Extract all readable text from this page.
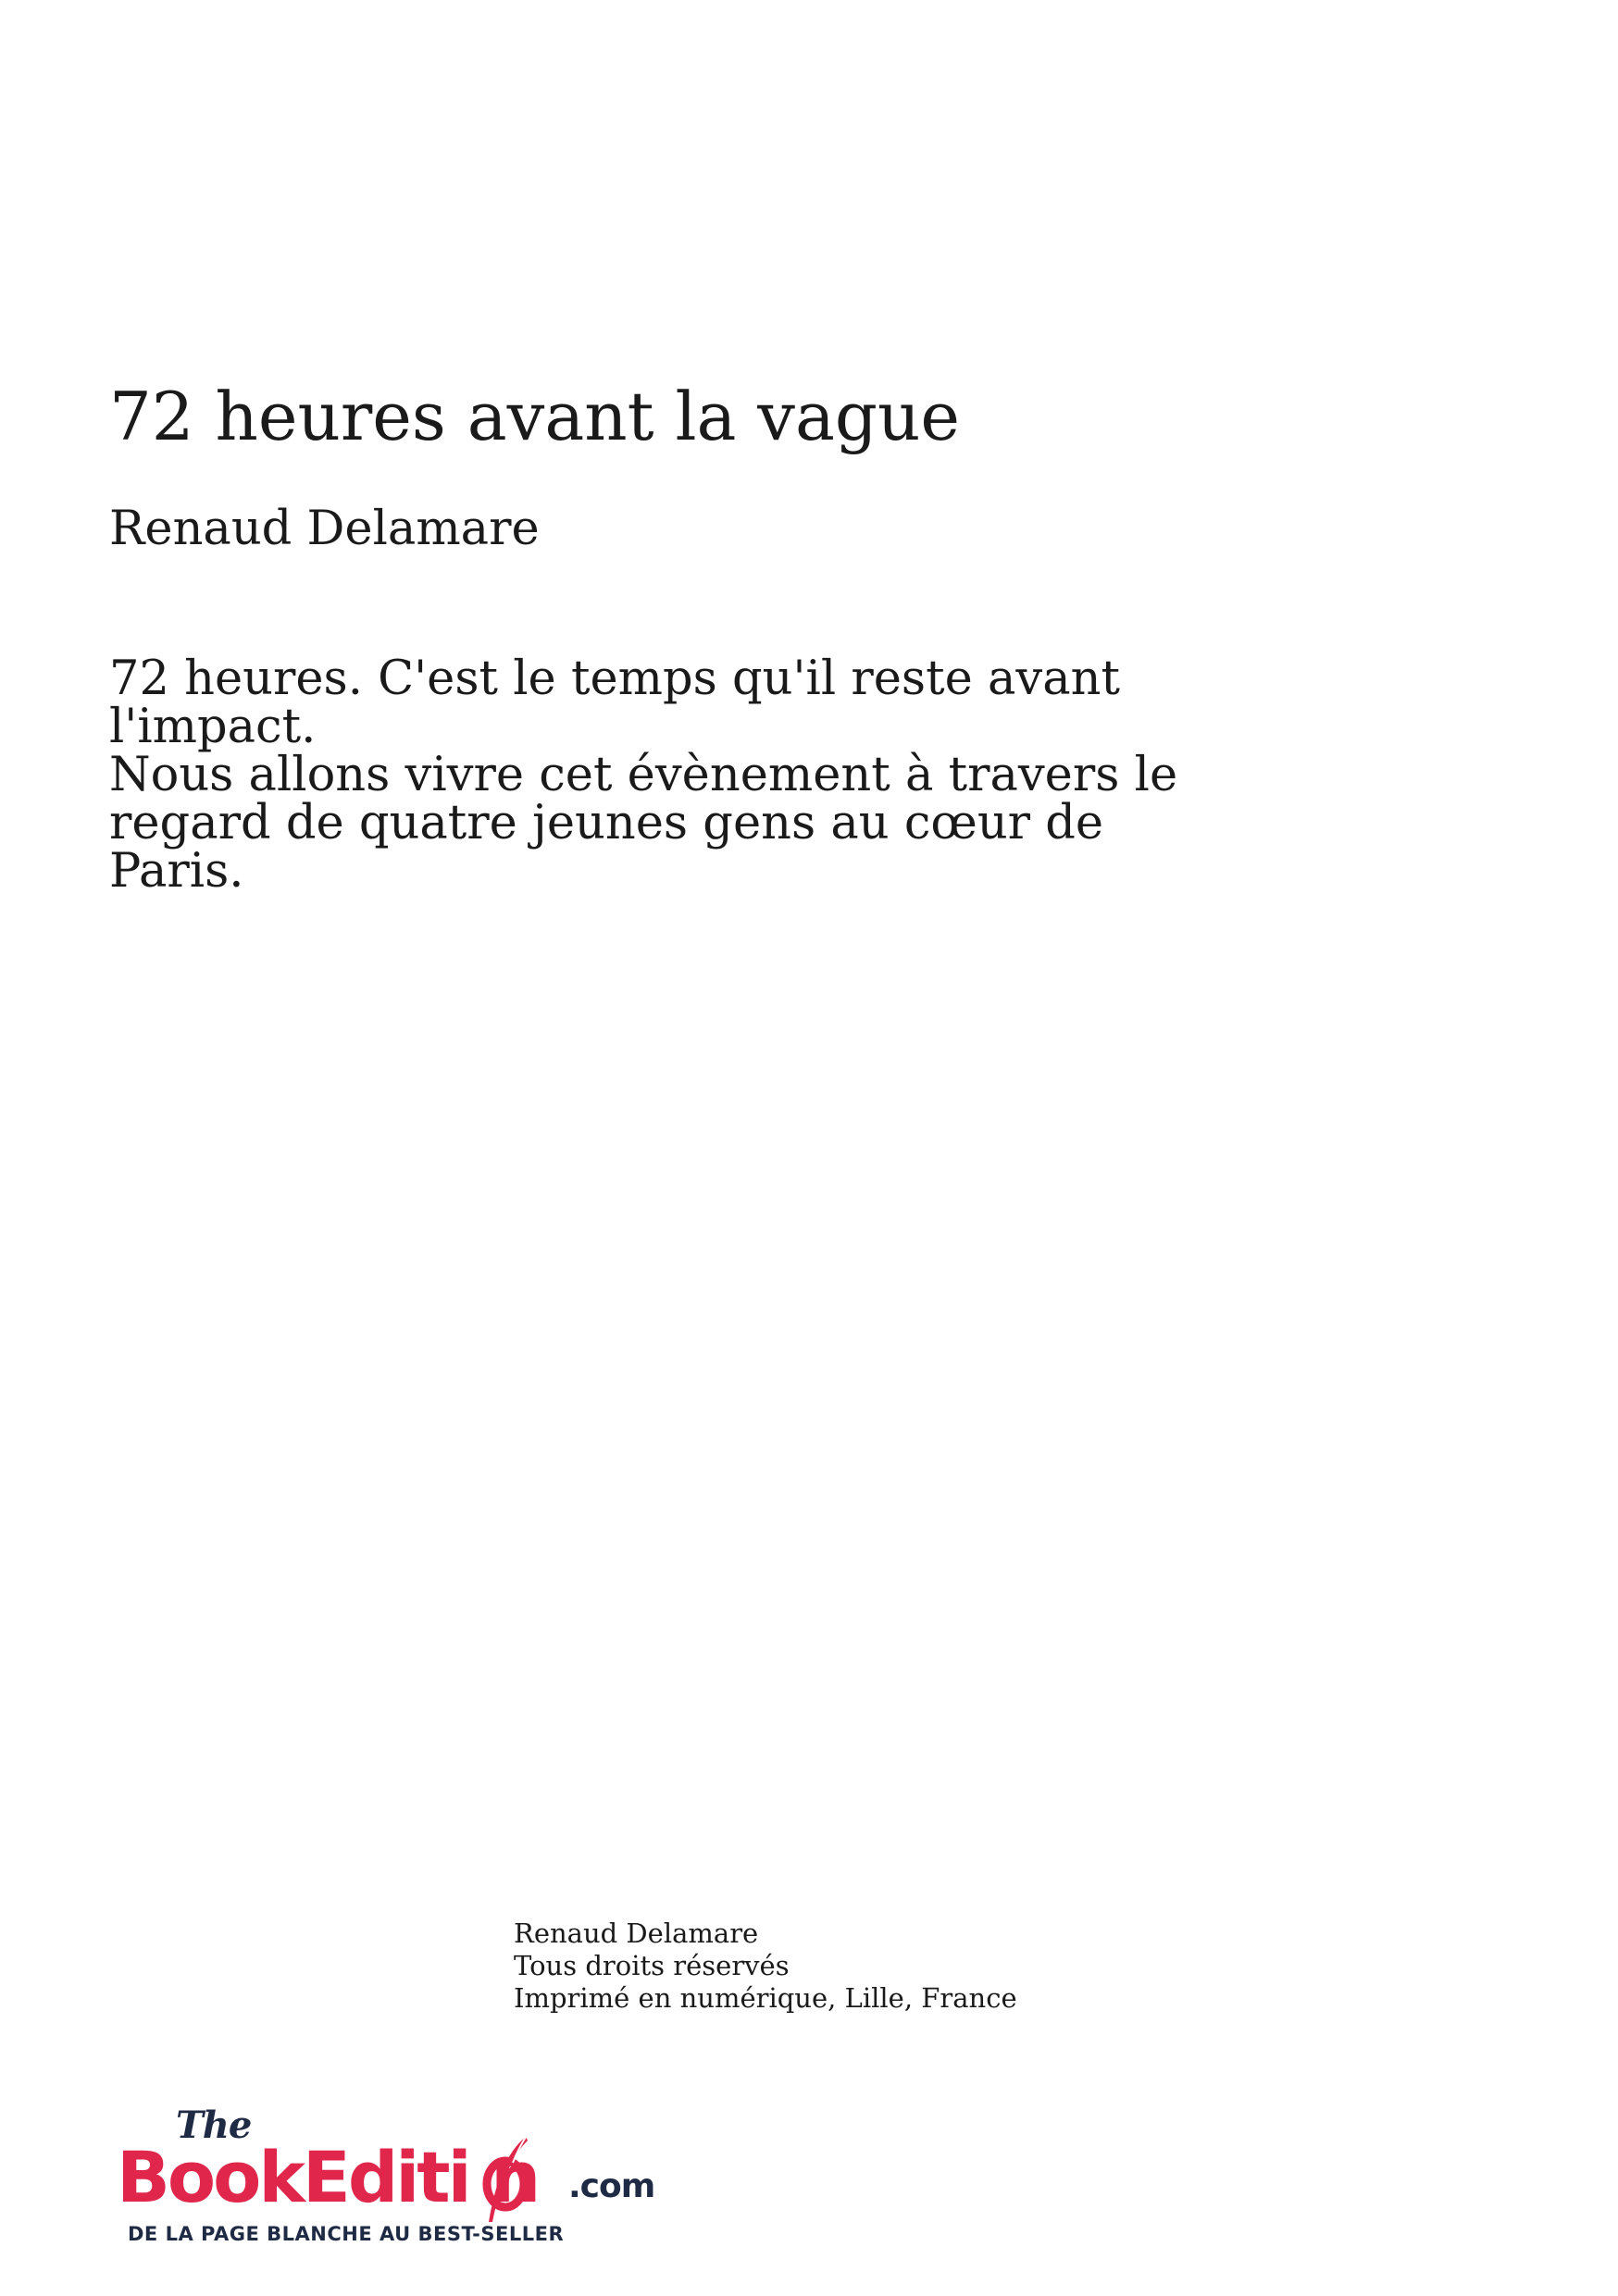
72 heures avant la vague
Renaud Delamare

72 heures. C'est le temps qu'il reste avant l'impact.

Nous allons vivre cet évènement à travers le regard de quatre jeunes gens au cœur de Paris.

Renaud Delamare
Tous droits réservés
Imprimé en numérique, Lille, France
The
BookEditi n .com
DE LA PAGE BLANCHE AU BEST-SELLER
